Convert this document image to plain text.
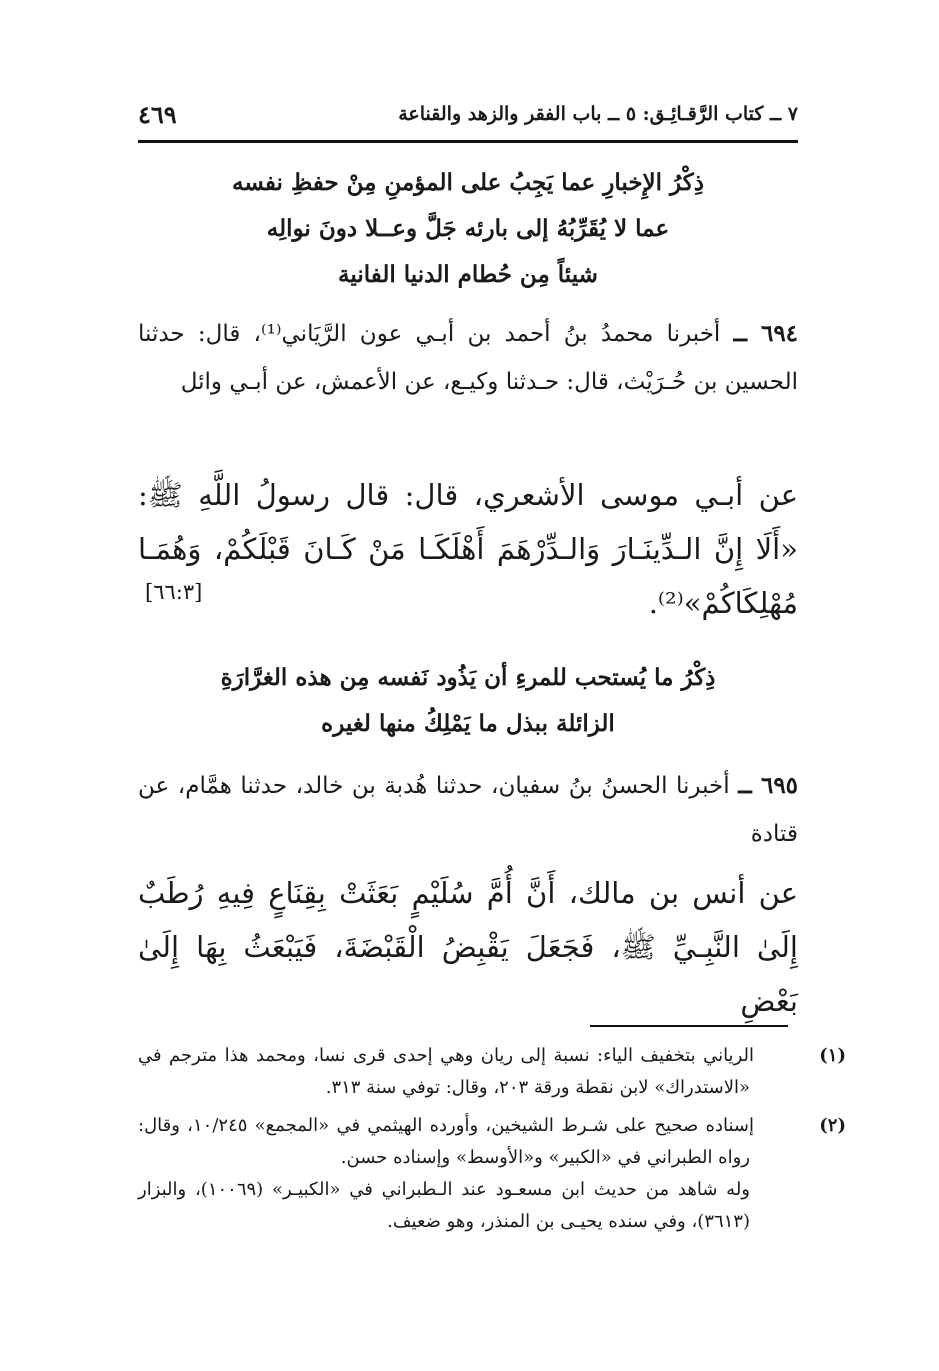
٧ ــ كتاب الرَّقـائِـق: ٥ ــ باب الفقر والزهد والقناعة
٤٦٩
ذِكْرُ الإِخبارِ عما يَجِبُ على المؤمنِ مِنْ حفظِ نفسه
عما لا يُقَرِّبُهُ إلى بارئه جَلَّ وعــلا دونَ نوالِه
شيئاً مِن حُطام الدنيا الفانية
٦٩٤ ــ أخبرنا محمدُ بنُ أحمد بن أبـي عون الرَّيَاني⁽¹⁾، قال: حدثنا الحسين بن حُـرَيْث، قال: حـدثنا وكيـع، عن الأعمش، عن أبـي وائل
عن أبـي موسى الأشعري، قال: قال رسولُ اللَّهِ ﷺ: «أَلَا إِنَّ الـدِّينَـارَ وَالـدِّرْهَمَ أَهْلَكَـا مَنْ كَـانَ قَبْلَكُمْ، وَهُمَـا مُهْلِكَاكُمْ»⁽²⁾.
[٦٦:٣]
ذِكْرُ ما يُستحب للمرءِ أن يَذُود نَفسه مِن هذه الغرَّارَةِ
الزائلة ببذل ما يَمْلِكُ منها لغيره
٦٩٥ ــ أخبرنا الحسنُ بنُ سفيان، حدثنا هُدبة بن خالد، حدثنا همَّام، عن قتادة
عن أنس بن مالك، أَنَّ أُمَّ سُلَيْمٍ بَعَثَتْ بِقِنَاعٍ فِيهِ رُطَبٌ إِلَىٰ النَّبِـيِّ ﷺ، فَجَعَلَ يَقْبِضُ الْقَبْضَةَ، فَيَبْعَثُ بِهَا إِلَىٰ بَعْضِ
(١)الرياني بتخفيف الياء: نسبة إلى ريان وهي إحدى قرى نسا، ومحمد هذا مترجم في «الاستدراك» لابن نقطة ورقة ٢٠٣، وقال: توفي سنة ٣١٣.
(٢)إسناده صحيح على شـرط الشيخين، وأورده الهيثمي في «المجمع» ١٠/٢٤٥، وقال: رواه الطبراني في «الكبير» و«الأوسط» وإسناده حسن.
وله شاهد من حديث ابن مسعـود عند الـطبراني في «الكبيـر» (١٠٠٦٩)، والبزار (٣٦١٣)، وفي سنده يحيـى بن المنذر، وهو ضعيف.
